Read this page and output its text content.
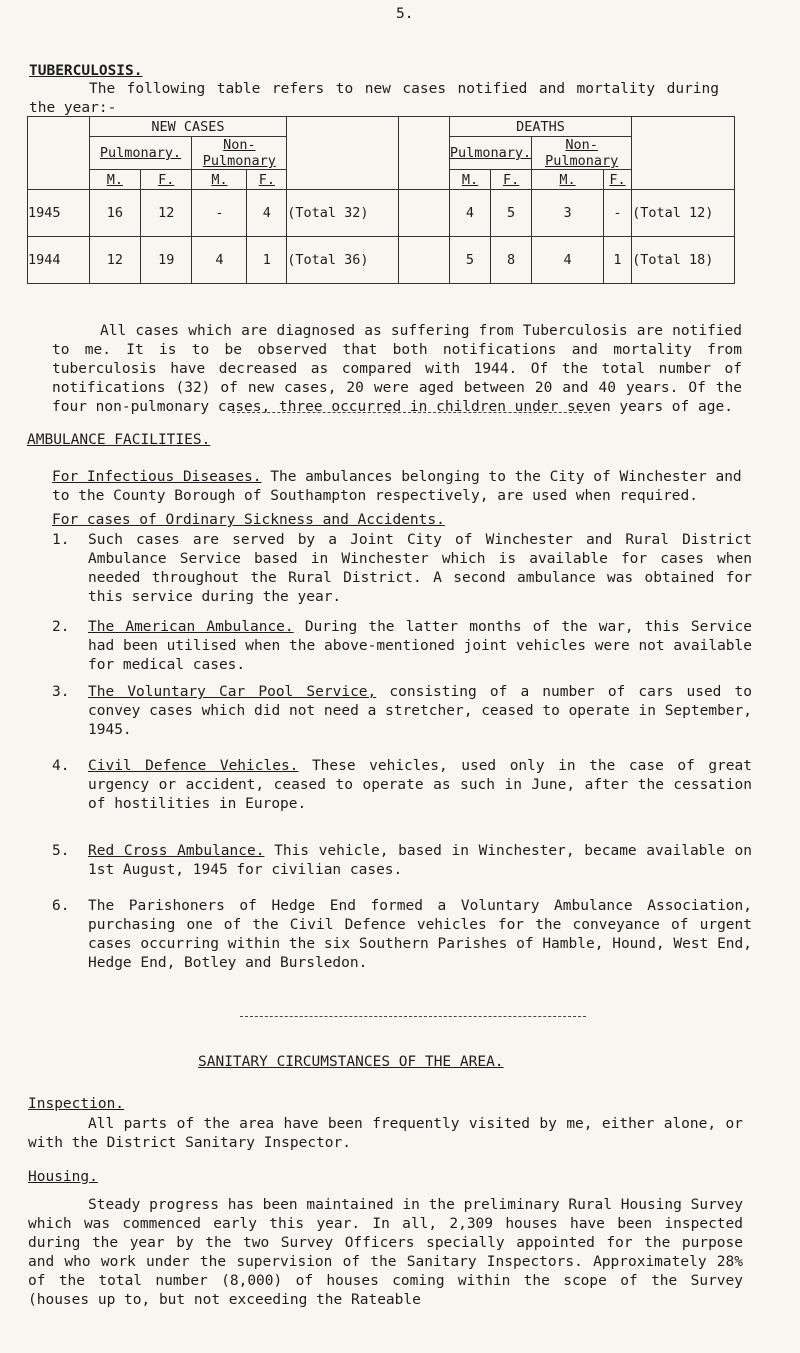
5.
TUBERCULOSIS.
The following table refers to new cases notified and mortality during the year:-
	NEW CASES						DEATHS				
	Pulmonary.		Non-Pulmonary				Pulmonary.		Non-Pulmonary		
	M.	F.	M.	F.			M.	F.	M.	F.	
1945	16	12	-	4	(Total 32)		4	5	3	-	(Total 12)
1944	12	19	4	1	(Total 36)		5	8	4	1	(Total 18)
All cases which are diagnosed as suffering from Tuberculosis are notified to me. It is to be observed that both notifications and mortality from tuberculosis have decreased as compared with 1944. Of the total number of notifications (32) of new cases, 20 were aged between 20 and 40 years. Of the four non-pulmonary cases, three occurred in children under seven years of age.
AMBULANCE FACILITIES.
For Infectious Diseases. The ambulances belonging to the City of Winchester and to the County Borough of Southampton respectively, are used when required.
For cases of Ordinary Sickness and Accidents.
1. Such cases are served by a Joint City of Winchester and Rural District Ambulance Service based in Winchester which is available for cases when needed throughout the Rural District. A second ambulance was obtained for this service during the year.
2. The American Ambulance. During the latter months of the war, this Service had been utilised when the above-mentioned joint vehicles were not available for medical cases.
3. The Voluntary Car Pool Service, consisting of a number of cars used to convey cases which did not need a stretcher, ceased to operate in September, 1945.
4. Civil Defence Vehicles. These vehicles, used only in the case of great urgency or accident, ceased to operate as such in June, after the cessation of hostilities in Europe.
5. Red Cross Ambulance. This vehicle, based in Winchester, became available on 1st August, 1945 for civilian cases.
6. The Parishoners of Hedge End formed a Voluntary Ambulance Association, purchasing one of the Civil Defence vehicles for the conveyance of urgent cases occurring within the six Southern Parishes of Hamble, Hound, West End, Hedge End, Botley and Bursledon.
SANITARY CIRCUMSTANCES OF THE AREA.
Inspection.
All parts of the area have been frequently visited by me, either alone, or with the District Sanitary Inspector.
Housing.
Steady progress has been maintained in the preliminary Rural Housing Survey which was commenced early this year. In all, 2,309 houses have been inspected during the year by the two Survey Officers specially appointed for the purpose and who work under the supervision of the Sanitary Inspectors. Approximately 28% of the total number (8,000) of houses coming within the scope of the Survey (houses up to, but not exceeding the Rateable
